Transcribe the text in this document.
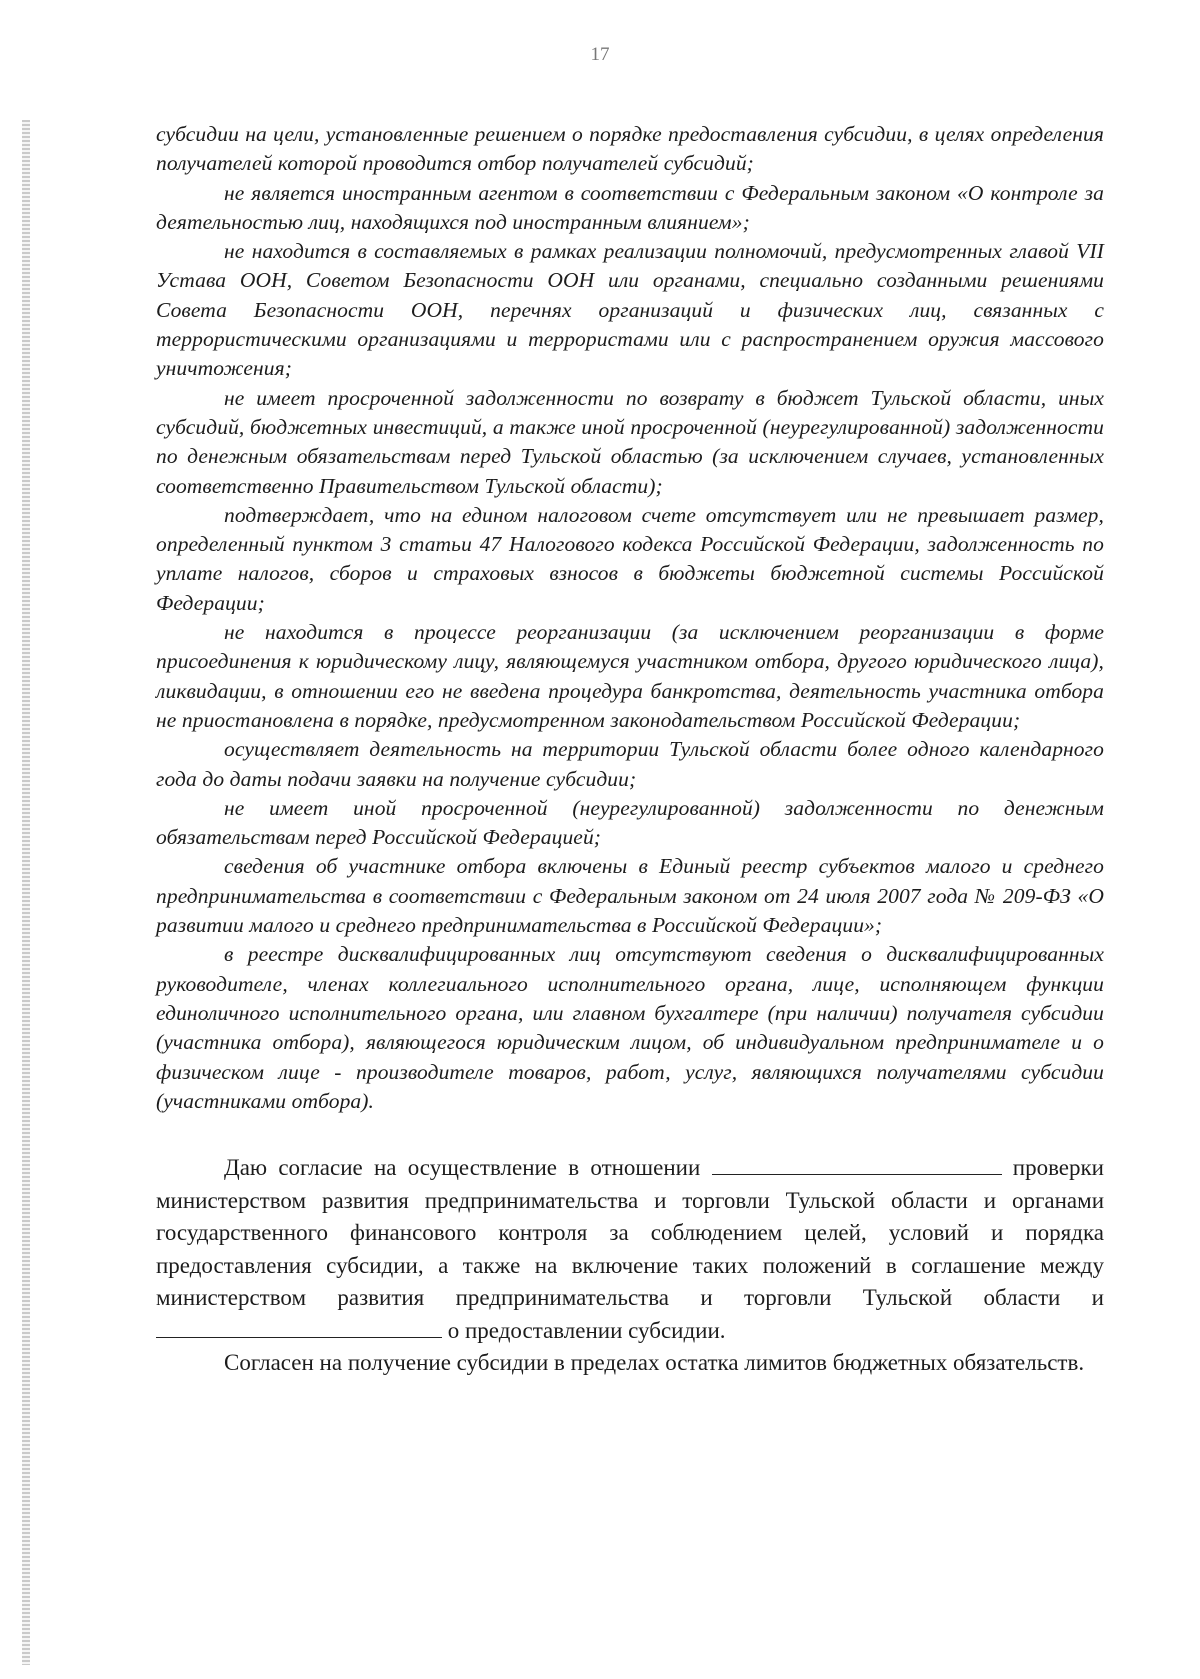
17

субсидии на цели, установленные решением о порядке предоставления субсидии, в целях определения получателей которой проводится отбор получателей субсидий;

не является иностранным агентом в соответствии с Федеральным законом «О контроле за деятельностью лиц, находящихся под иностранным влиянием»;

не находится в составляемых в рамках реализации полномочий, предусмотренных главой VII Устава ООН, Советом Безопасности ООН или органами, специально созданными решениями Совета Безопасности ООН, перечнях организаций и физических лиц, связанных с террористическими организациями и террористами или с распространением оружия массового уничтожения;

не имеет просроченной задолженности по возврату в бюджет Тульской области, иных субсидий, бюджетных инвестиций, а также иной просроченной (неурегулированной) задолженности по денежным обязательствам перед Тульской областью (за исключением случаев, установленных соответственно Правительством Тульской области);

подтверждает, что на едином налоговом счете отсутствует или не превышает размер, определенный пунктом 3 статьи 47 Налогового кодекса Российской Федерации, задолженность по уплате налогов, сборов и страховых взносов в бюджеты бюджетной системы Российской Федерации;

не находится в процессе реорганизации (за исключением реорганизации в форме присоединения к юридическому лицу, являющемуся участником отбора, другого юридического лица), ликвидации, в отношении его не введена процедура банкротства, деятельность участника отбора не приостановлена в порядке, предусмотренном законодательством Российской Федерации;

осуществляет деятельность на территории Тульской области более одного календарного года до даты подачи заявки на получение субсидии;

не имеет иной просроченной (неурегулированной) задолженности по денежным обязательствам перед Российской Федерацией;

сведения об участнике отбора включены в Единый реестр субъектов малого и среднего предпринимательства в соответствии с Федеральным законом от 24 июля 2007 года № 209-ФЗ «О развитии малого и среднего предпринимательства в Российской Федерации»;

в реестре дисквалифицированных лиц отсутствуют сведения о дисквалифицированных руководителе, членах коллегиального исполнительного органа, лице, исполняющем функции единоличного исполнительного органа, или главном бухгалтере (при наличии) получателя субсидии (участника отбора), являющегося юридическим лицом, об индивидуальном предпринимателе и о физическом лице - производителе товаров, работ, услуг, являющихся получателями субсидии (участниками отбора).

Даю согласие на осуществление в отношении	проверки министерством развития предпринимательства и торговли Тульской области и органами государственного финансового контроля за соблюдением целей, условий и порядка предоставления субсидии, а также на включение таких положений в соглашение между министерством развития предпринимательства и торговли Тульской области и  о предоставлении субсидии.

Согласен на получение субсидии в пределах остатка лимитов бюджетных обязательств.
